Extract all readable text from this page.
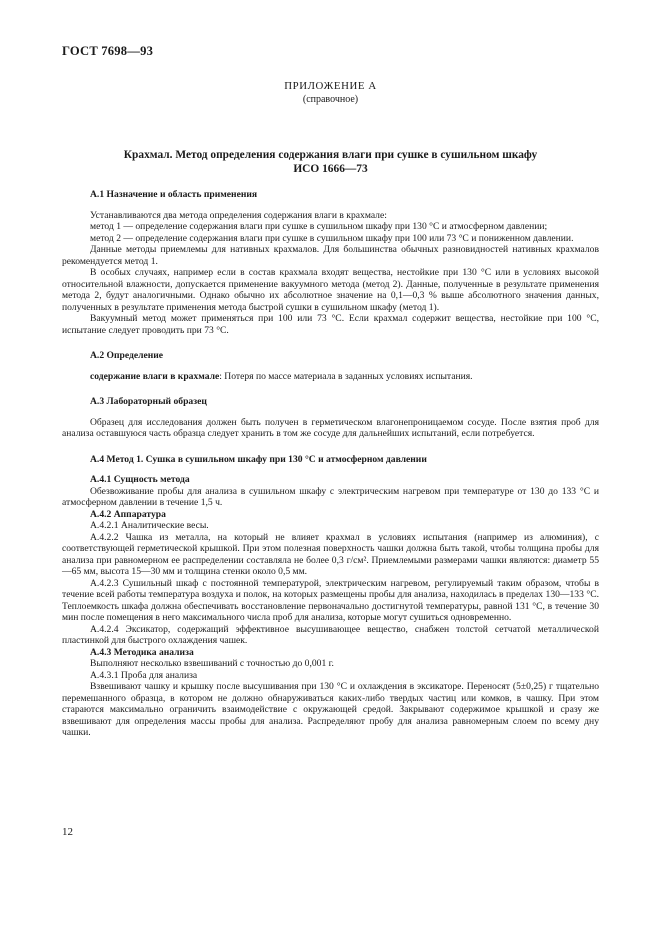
ГОСТ 7698—93
ПРИЛОЖЕНИЕ А
(справочное)
Крахмал. Метод определения содержания влаги при сушке в сушильном шкафу
ИСО 1666—73

A.1 Назначение и область применения

Устанавливаются два метода определения содержания влаги в крахмале:

метод 1 — определение содержания влаги при сушке в сушильном шкафу при 130 °С и атмосферном давлении;

метод 2 — определение содержания влаги при сушке в сушильном шкафу при 100 или 73 °С и пониженном давлении.

Данные методы приемлемы для нативных крахмалов. Для большинства обычных разновидностей нативных крахмалов рекомендуется метод 1.

В особых случаях, например если в состав крахмала входят вещества, нестойкие при 130 °С или в условиях высокой относительной влажности, допускается применение вакуумного метода (метод 2). Данные, полученные в результате применения метода 2, будут аналогичными. Однако обычно их абсолютное значение на 0,1—0,3 % выше абсолютного значения данных, полученных в результате применения метода быстрой сушки в сушильном шкафу (метод 1).

Вакуумный метод может применяться при 100 или 73 °С. Если крахмал содержит вещества, нестойкие при 100 °С, испытание следует проводить при 73 °С.

A.2 Определение

содержание влаги в крахмале: Потеря по массе материала в заданных условиях испытания.

A.3 Лабораторный образец

Образец для исследования должен быть получен в герметическом влагонепроницаемом сосуде. После взятия проб для анализа оставшуюся часть образца следует хранить в том же сосуде для дальнейших испытаний, если потребуется.

A.4 Метод 1. Сушка в сушильном шкафу при 130 °С и атмосферном давлении

A.4.1 Сущность метода

Обезвоживание пробы для анализа в сушильном шкафу с электрическим нагревом при температуре от 130 до 133 °С и атмосферном давлении в течение 1,5 ч.

A.4.2 Аппаратура

A.4.2.1 Аналитические весы.

A.4.2.2 Чашка из металла, на который не влияет крахмал в условиях испытания (например из алюминия), с соответствующей герметической крышкой. При этом полезная поверхность чашки должна быть такой, чтобы толщина пробы для анализа при равномерном ее распределении составляла не более 0,3 г/см². Приемлемыми размерами чашки являются: диаметр 55—65 мм, высота 15—30 мм и толщина стенки около 0,5 мм.

A.4.2.3 Сушильный шкаф с постоянной температурой, электрическим нагревом, регулируемый таким образом, чтобы в течение всей работы температура воздуха и полок, на которых размещены пробы для анализа, находилась в пределах 130—133 °С. Теплоемкость шкафа должна обеспечивать восстановление первоначально достигнутой температуры, равной 131 °С, в течение 30 мин после помещения в него максимального числа проб для анализа, которые могут сушиться одновременно.

A.4.2.4 Эксикатор, содержащий эффективное высушивающее вещество, снабжен толстой сетчатой металлической пластинкой для быстрого охлаждения чашек.

A.4.3 Методика анализа

Выполняют несколько взвешиваний с точностью до 0,001 г.

A.4.3.1 Проба для анализа

Взвешивают чашку и крышку после высушивания при 130 °С и охлаждения в эксикаторе. Переносят (5±0,25) г тщательно перемешанного образца, в котором не должно обнаруживаться каких-либо твердых частиц или комков, в чашку. При этом стараются максимально ограничить взаимодействие с окружающей средой. Закрывают содержимое крышкой и сразу же взвешивают для определения массы пробы для анализа. Распределяют пробу для анализа равномерным слоем по всему дну чашки.

12
